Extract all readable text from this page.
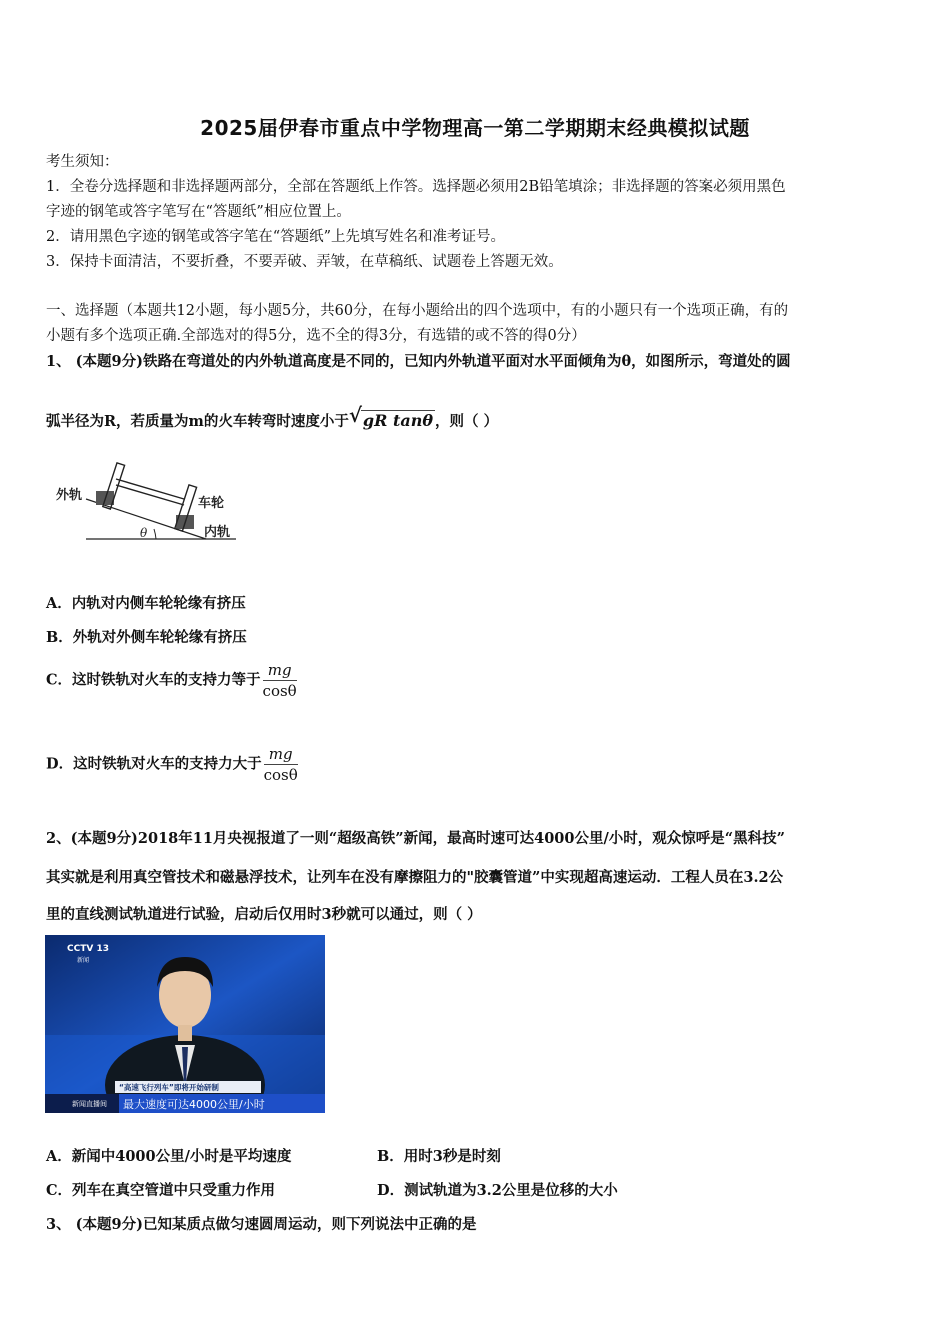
2025届伊春市重点中学物理高一第二学期期末经典模拟试题
考生须知：
1．全卷分选择题和非选择题两部分，全部在答题纸上作答。选择题必须用2B铅笔填涂；非选择题的答案必须用黑色
字迹的钢笔或答字笔写在“答题纸”相应位置上。
2．请用黑色字迹的钢笔或答字笔在“答题纸”上先填写姓名和准考证号。
3．保持卡面清洁，不要折叠，不要弄破、弄皱，在草稿纸、试题卷上答题无效。
一、选择题（本题共12小题，每小题5分，共60分，在每小题给出的四个选项中，有的小题只有一个选项正确，有的
小题有多个选项正确.全部选对的得5分，选不全的得3分，有选错的或不答的得0分）
1、 (本题9分)铁路在弯道处的内外轨道高度是不同的，已知内外轨道平面对水平面倾角为θ，如图所示，弯道处的圆
弧半径为R，若质量为m的火车转弯时速度小于 √ gR tanθ ，则（ ）
外轨
车轮
内轨
θ
A．内轨对内侧车轮轮缘有挤压
B．外轨对外侧车轮轮缘有挤压
C．这时铁轨对火车的支持力等于 $\frac{mg}{\cos\theta}$
D．这时铁轨对火车的支持力大于 $\frac{mg}{\cos\theta}$
2、(本题9分)2018年11月央视报道了一则“超级高铁”新闻，最高时速可达4000公里/小时，观众惊呼是“黑科技”
其实就是利用真空管技术和磁悬浮技术，让列车在没有摩擦阻力的"胶囊管道”中实现超高速运动．工程人员在3.2公
里的直线测试轨道进行试验，启动后仅用时3秒就可以通过，则（ ）
CCTV 13
新闻
“高速飞行列车”即将开始研制
新闻直播间 最大速度可达4000公里/小时
A．新闻中4000公里/小时是平均速度	B．用时3秒是时刻
C．列车在真空管道中只受重力作用	D．测试轨道为3.2公里是位移的大小
3、 (本题9分)已知某质点做匀速圆周运动，则下列说法中正确的是
